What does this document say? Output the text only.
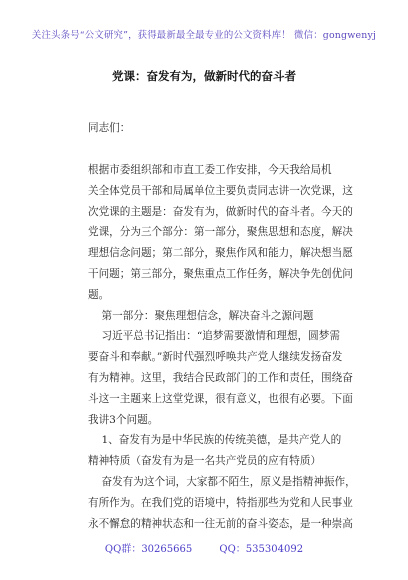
关注头条号“公文研究”，获得最新最全最专业的公文资料库！ 微信：gongwenyj
党课：奋发有为，做新时代的奋斗者
同志们：
根据市委组织部和市直工委工作安排，今天我给局机
关全体党员干部和局属单位主要负责同志讲一次党课，这
次党课的主题是：奋发有为，做新时代的奋斗者。今天的
党课，分为三个部分：第一部分，聚焦思想和态度，解决
理想信念问题；第二部分，聚焦作风和能力，解决想当愿
干问题；第三部分，聚焦重点工作任务，解决争先创优问
题。
第一部分：聚焦理想信念，解决奋斗之源问题
习近平总书记指出：“追梦需要激情和理想，圆梦需
要奋斗和奉献。”新时代强烈呼唤共产党人继续发扬奋发
有为精神。这里，我结合民政部门的工作和责任，围绕奋
斗这一主题来上这堂党课，很有意义，也很有必要。下面
我讲3个问题。
1、奋发有为是中华民族的传统美德，是共产党人的
精神特质（奋发有为是一名共产党员的应有特质）
奋发有为这个词，大家都不陌生，原义是指精神振作，
有所作为。在我们党的语境中，特指那些为党和人民事业
永不懈怠的精神状态和一往无前的奋斗姿态，是一种崇高
QQ群：30265665	QQ：535304092
